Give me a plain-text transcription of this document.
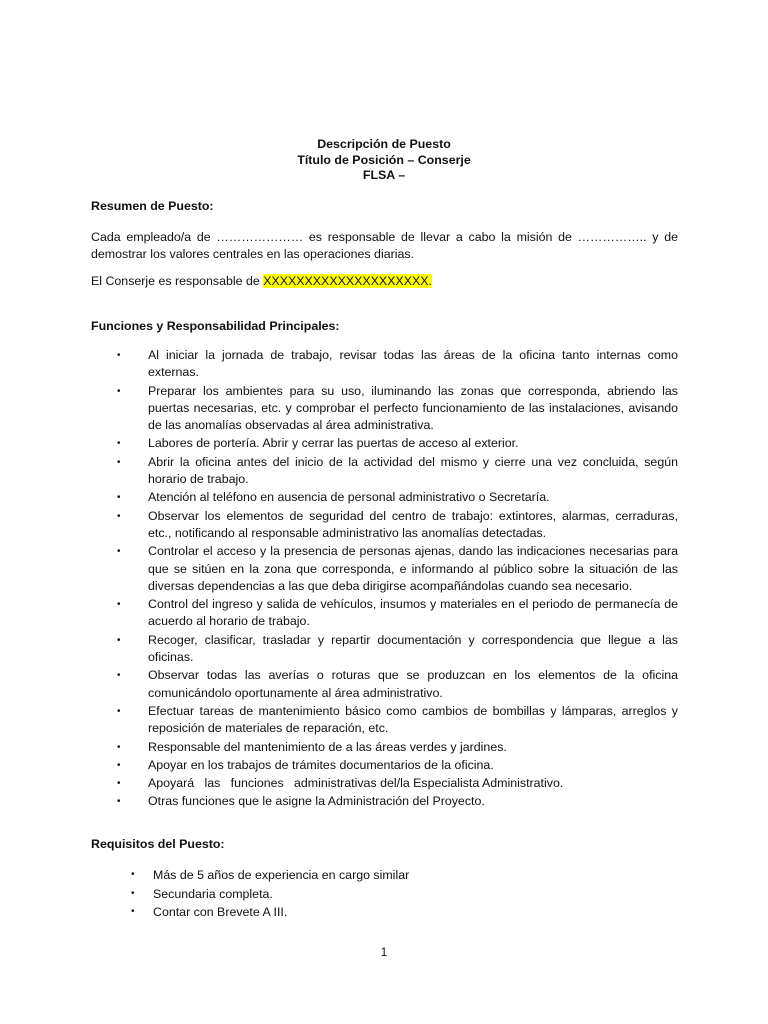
Descripción de Puesto
Título de Posición – Conserje
FLSA –
Resumen de Puesto:
Cada empleado/a de ………………… es responsable de llevar a cabo la misión de …………….. y de demostrar los valores centrales en las operaciones diarias.
El Conserje es responsable de XXXXXXXXXXXXXXXXXXXX.
Funciones y Responsabilidad Principales:
• Al iniciar la jornada de trabajo, revisar todas las áreas de la oficina tanto internas como externas.
• Preparar los ambientes para su uso, iluminando las zonas que corresponda, abriendo las puertas necesarias, etc. y comprobar el perfecto funcionamiento de las instalaciones, avisando de las anomalías observadas al área administrativa.
• Labores de portería. Abrir y cerrar las puertas de acceso al exterior.
• Abrir la oficina antes del inicio de la actividad del mismo y cierre una vez concluida, según horario de trabajo.
• Atención al teléfono en ausencia de personal administrativo o Secretaría.
• Observar los elementos de seguridad del centro de trabajo: extintores, alarmas, cerraduras, etc., notificando al responsable administrativo las anomalías detectadas.
• Controlar el acceso y la presencia de personas ajenas, dando las indicaciones necesarias para que se sitúen en la zona que corresponda, e informando al público sobre la situación de las diversas dependencias a las que deba dirigirse acompañándolas cuando sea necesario.
• Control del ingreso y salida de vehículos, insumos y materiales en el periodo de permanecía de acuerdo al horario de trabajo.
• Recoger, clasificar, trasladar y repartir documentación y correspondencia que llegue a las oficinas.
• Observar todas las averías o roturas que se produzcan en los elementos de la oficina comunicándolo oportunamente al área administrativo.
• Efectuar tareas de mantenimiento básico como cambios de bombillas y lámparas, arreglos y reposición de materiales de reparación, etc.
• Responsable del mantenimiento de a las áreas verdes y jardines.
• Apoyar en los trabajos de trámites documentarios de la oficina.
• Apoyará   las   funciones   administrativas del/la Especialista Administrativo.
• Otras funciones que le asigne la Administración del Proyecto.
Requisitos del Puesto:
• Más de 5 años de experiencia en cargo similar
• Secundaria completa.
• Contar con Brevete A III.
1
